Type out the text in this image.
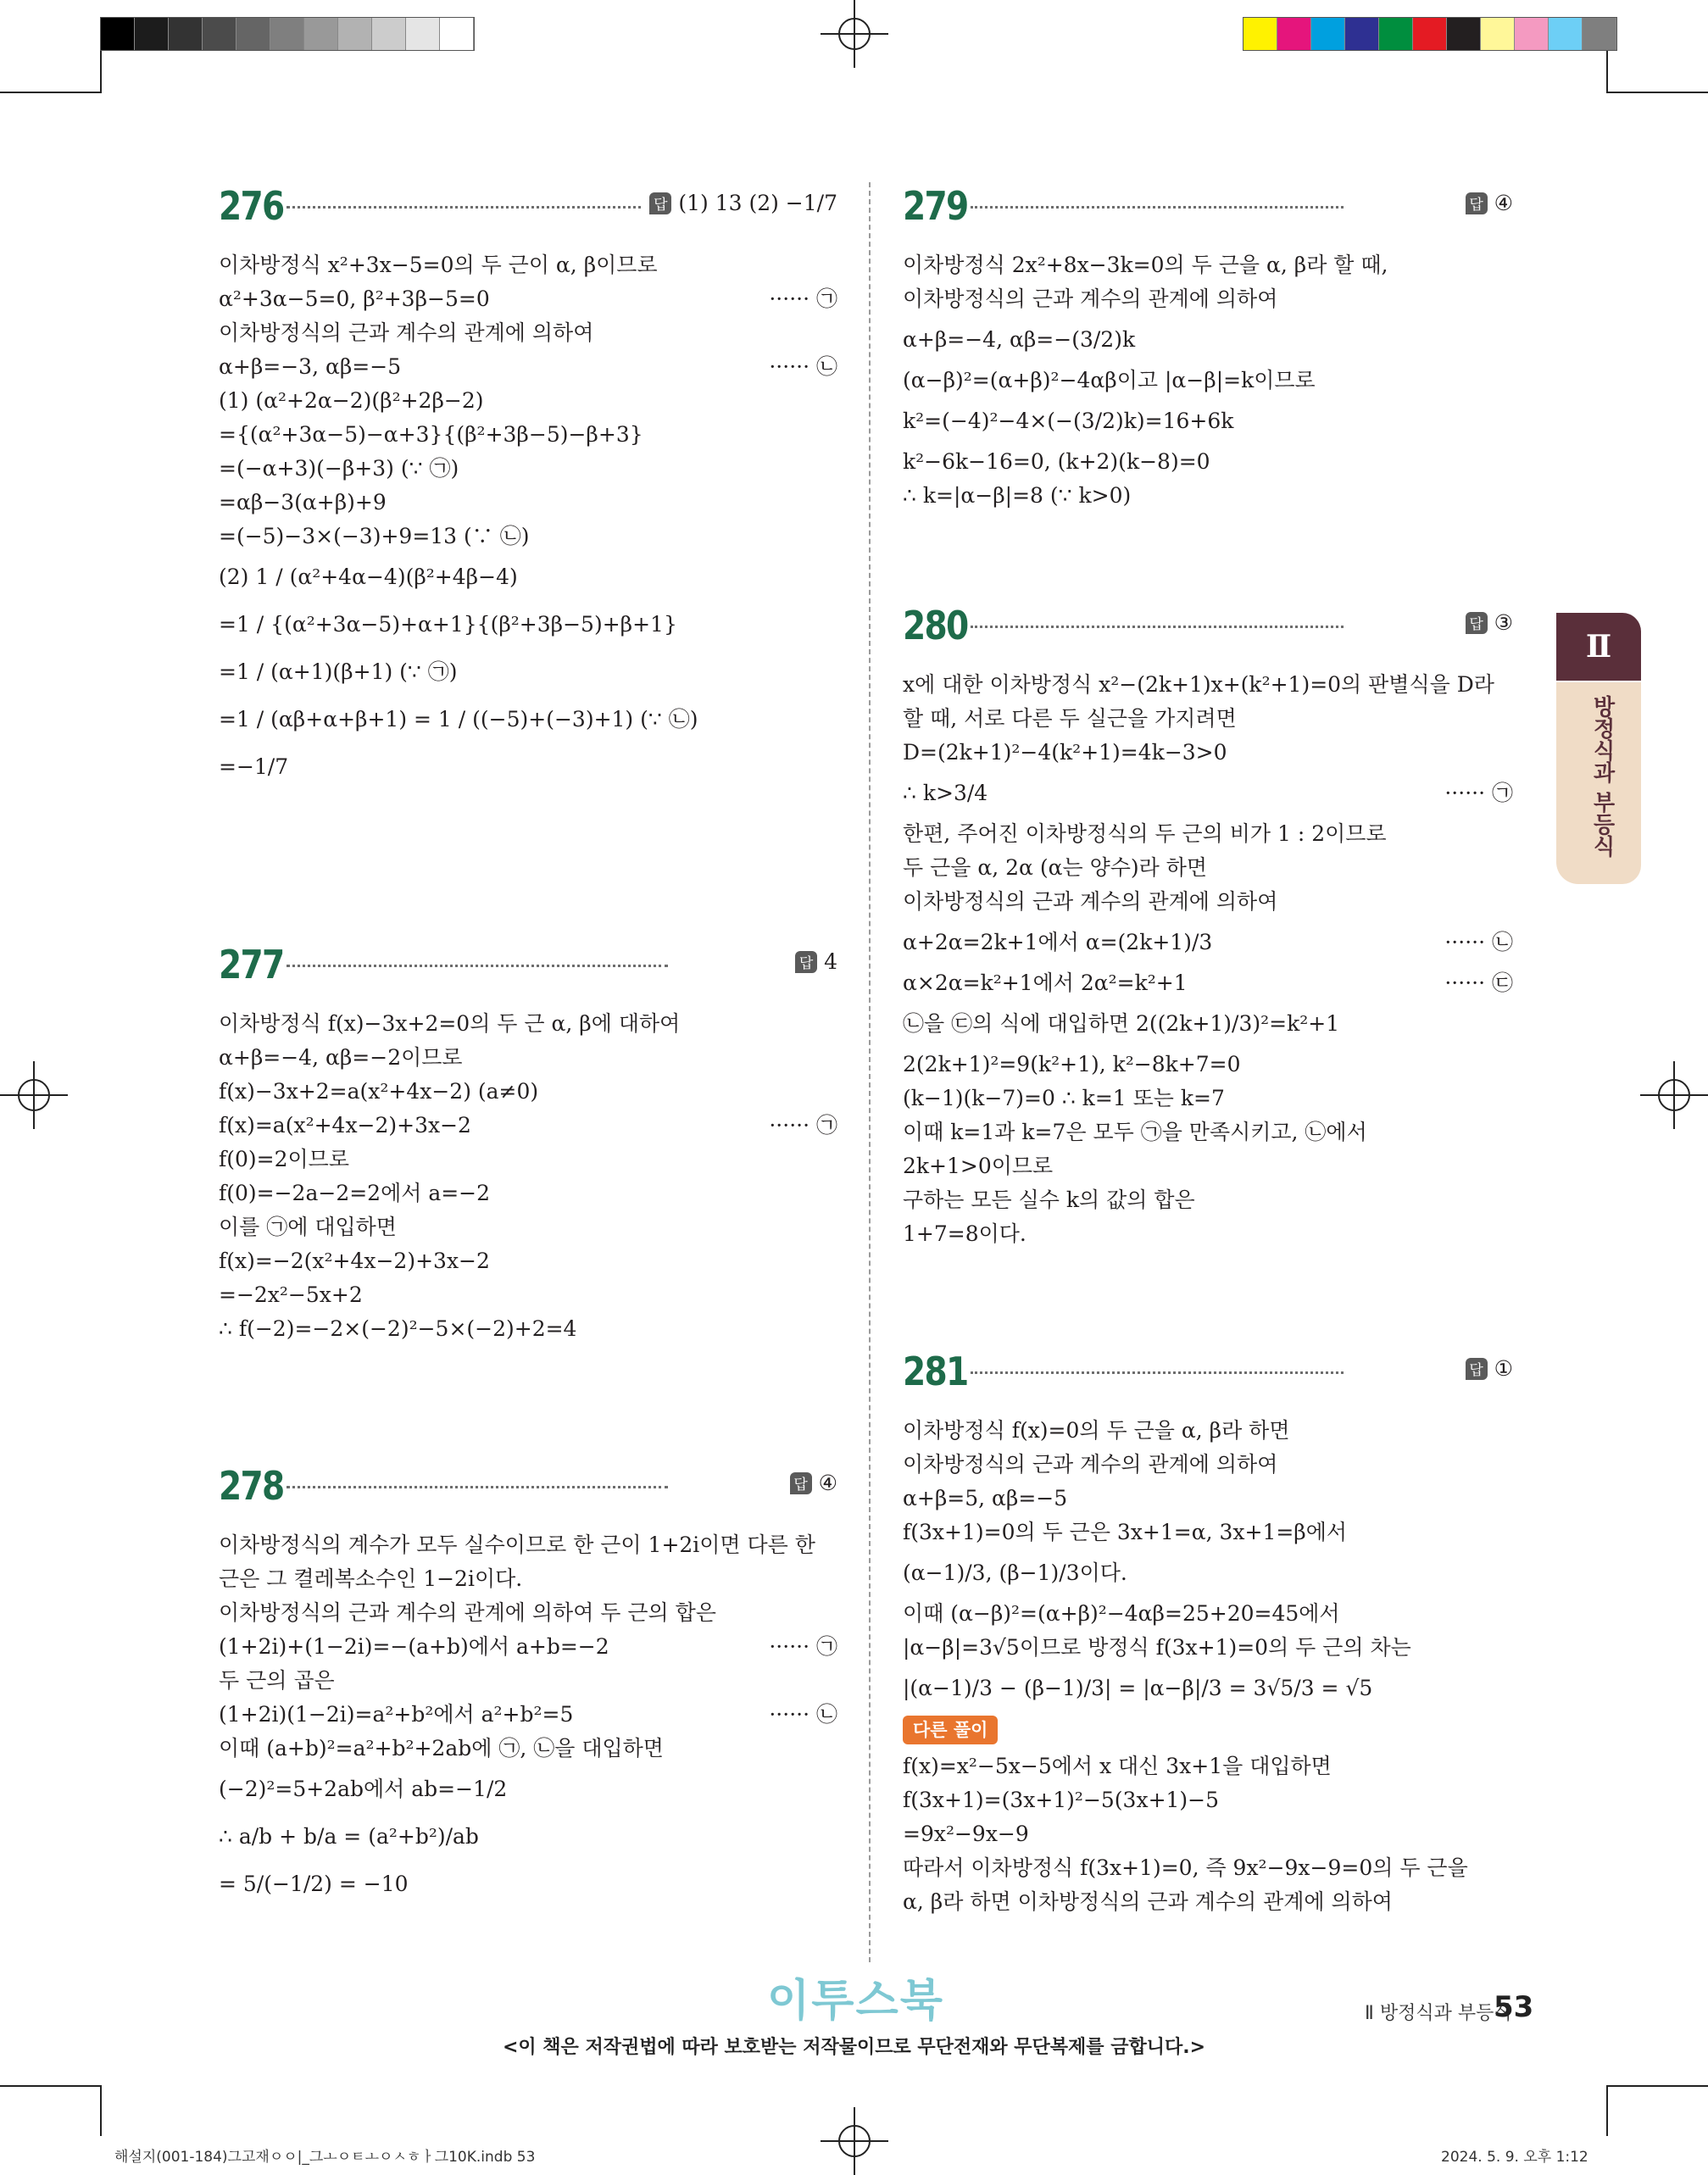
Ⅱ
방정식과 부등식
276	답 (1) 13 (2) −1/7
이차방정식 x²+3x−5=0의 두 근이 α, β이므로
α²+3α−5=0, β²+3β−5=0	······ ㉠
이차방정식의 근과 계수의 관계에 의하여
α+β=−3, αβ=−5	······ ㉡
(1) (α²+2α−2)(β²+2β−2)
={(α²+3α−5)−α+3}{(β²+3β−5)−β+3}
=(−α+3)(−β+3) (∵ ㉠)
=αβ−3(α+β)+9
=(−5)−3×(−3)+9=13 (∵ ㉡)
(2) 1 / (α²+4α−4)(β²+4β−4)
=1 / {(α²+3α−5)+α+1}{(β²+3β−5)+β+1}
=1 / (α+1)(β+1) (∵ ㉠)
=1 / (αβ+α+β+1) = 1 / ((−5)+(−3)+1) (∵ ㉡)
=−1/7
277	답 4
이차방정식 f(x)−3x+2=0의 두 근 α, β에 대하여
α+β=−4, αβ=−2이므로
f(x)−3x+2=a(x²+4x−2) (a≠0)
f(x)=a(x²+4x−2)+3x−2	······ ㉠
f(0)=2이므로
f(0)=−2a−2=2에서 a=−2
이를 ㉠에 대입하면
f(x)=−2(x²+4x−2)+3x−2
=−2x²−5x+2
∴ f(−2)=−2×(−2)²−5×(−2)+2=4
278	답 ④
이차방정식의 계수가 모두 실수이므로 한 근이 1+2i이면 다른 한
근은 그 켤레복소수인 1−2i이다.
이차방정식의 근과 계수의 관계에 의하여 두 근의 합은
(1+2i)+(1−2i)=−(a+b)에서 a+b=−2	······ ㉠
두 근의 곱은
(1+2i)(1−2i)=a²+b²에서 a²+b²=5	······ ㉡
이때 (a+b)²=a²+b²+2ab에 ㉠, ㉡을 대입하면
(−2)²=5+2ab에서 ab=−1/2
∴ a/b + b/a = (a²+b²)/ab
= 5/(−1/2) = −10
279	답 ④
이차방정식 2x²+8x−3k=0의 두 근을 α, β라 할 때,
이차방정식의 근과 계수의 관계에 의하여
α+β=−4, αβ=−(3/2)k
(α−β)²=(α+β)²−4αβ이고 |α−β|=k이므로
k²=(−4)²−4×(−(3/2)k)=16+6k
k²−6k−16=0, (k+2)(k−8)=0
∴ k=|α−β|=8 (∵ k>0)
280	답 ③
x에 대한 이차방정식 x²−(2k+1)x+(k²+1)=0의 판별식을 D라
할 때, 서로 다른 두 실근을 가지려면
D=(2k+1)²−4(k²+1)=4k−3>0
∴ k>3/4	······ ㉠
한편, 주어진 이차방정식의 두 근의 비가 1 : 2이므로
두 근을 α, 2α (α는 양수)라 하면
이차방정식의 근과 계수의 관계에 의하여
α+2α=2k+1에서 α=(2k+1)/3	······ ㉡
α×2α=k²+1에서 2α²=k²+1	······ ㉢
㉡을 ㉢의 식에 대입하면 2((2k+1)/3)²=k²+1
2(2k+1)²=9(k²+1), k²−8k+7=0
(k−1)(k−7)=0 ∴ k=1 또는 k=7
이때 k=1과 k=7은 모두 ㉠을 만족시키고, ㉡에서
2k+1>0이므로
구하는 모든 실수 k의 값의 합은
1+7=8이다.
281	답 ①
이차방정식 f(x)=0의 두 근을 α, β라 하면
이차방정식의 근과 계수의 관계에 의하여
α+β=5, αβ=−5
f(3x+1)=0의 두 근은 3x+1=α, 3x+1=β에서
(α−1)/3, (β−1)/3이다.
이때 (α−β)²=(α+β)²−4αβ=25+20=45에서
|α−β|=3√5이므로 방정식 f(3x+1)=0의 두 근의 차는
|(α−1)/3 − (β−1)/3| = |α−β|/3 = 3√5/3 = √5
다른 풀이
f(x)=x²−5x−5에서 x 대신 3x+1을 대입하면
f(3x+1)=(3x+1)²−5(3x+1)−5
=9x²−9x−9
따라서 이차방정식 f(3x+1)=0, 즉 9x²−9x−9=0의 두 근을
α, β라 하면 이차방정식의 근과 계수의 관계에 의하여
이투스북	Ⅱ 방정식과 부등식
53
<이 책은 저작권법에 따라 보호받는 저작물이므로 무단전재와 무단복제를 금합니다.>
해설지(001-184)그고재ㅇㅇ|_그ㅗㅇㅌㅗㅇㅅㅎㅏ그10K.indb 53	2024. 5. 9. 오후 1:12
